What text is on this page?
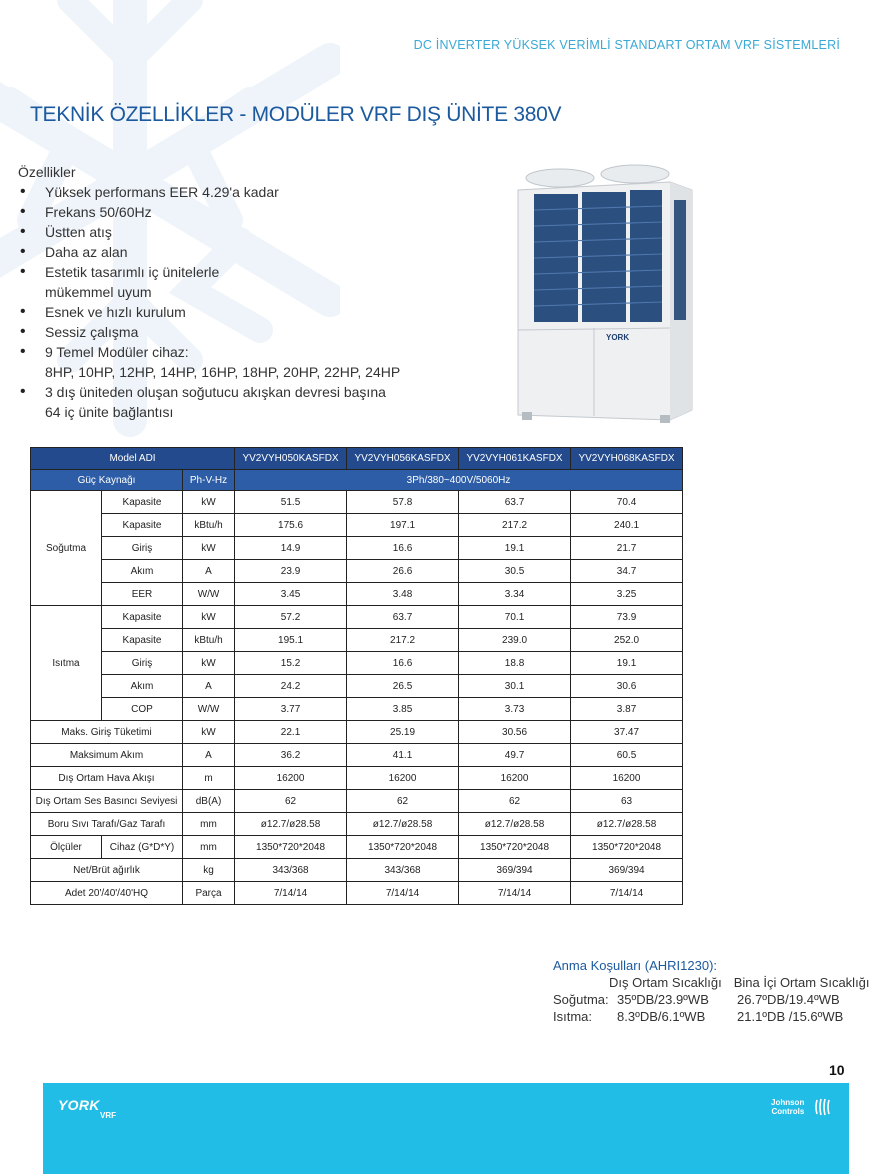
DC İNVERTER YÜKSEK VERİMLİ STANDART ORTAM VRF SİSTEMLERİ
TEKNİK ÖZELLİKLER - MODÜLER VRF DIŞ ÜNİTE 380V
Özellikler
• Yüksek performans EER 4.29'a kadar
• Frekans 50/60Hz
• Üstten atış
• Daha az alan
• Estetik tasarımlı iç ünitelerle
mükemmel uyum
• Esnek ve hızlı kurulum
• Sessiz çalışma
• 9 Temel Modüler cihaz:
8HP, 10HP, 12HP, 14HP, 16HP, 18HP, 20HP, 22HP, 24HP
• 3 dış üniteden oluşan soğutucu akışkan devresi başına
64 iç ünite bağlantısı
YORK
Model ADI			YV2VYH050KASFDX	YV2VYH056KASFDX	YV2VYH061KASFDX	YV2VYH068KASFDX
Güç Kaynağı		Ph-V-Hz	3Ph/380~400V/5060Hz			
Soğutma	Kapasite	kW	51.5	57.8	63.7	70.4
	Kapasite	kBtu/h	175.6	197.1	217.2	240.1
	Giriş	kW	14.9	16.6	19.1	21.7
	Akım	A	23.9	26.6	30.5	34.7
	EER	W/W	3.45	3.48	3.34	3.25
Isıtma	Kapasite	kW	57.2	63.7	70.1	73.9
	Kapasite	kBtu/h	195.1	217.2	239.0	252.0
	Giriş	kW	15.2	16.6	18.8	19.1
	Akım	A	24.2	26.5	30.1	30.6
	COP	W/W	3.77	3.85	3.73	3.87
Maks. Giriş Tüketimi		kW	22.1	25.19	30.56	37.47
Maksimum Akım		A	36.2	41.1	49.7	60.5
Dış Ortam Hava Akışı		m	16200	16200	16200	16200
Dış Ortam Ses Basıncı Seviyesi		dB(A)	62	62	62	63
Boru Sıvı Tarafı/Gaz Tarafı		mm	ø12.7/ø28.58	ø12.7/ø28.58	ø12.7/ø28.58	ø12.7/ø28.58
Ölçüler	Cihaz (G*D*Y)	mm	1350*720*2048	1350*720*2048	1350*720*2048	1350*720*2048
Net/Brüt ağırlık		kg	343/368	343/368	369/394	369/394
Adet 20'/40'/40'HQ		Parça	7/14/14	7/14/14	7/14/14	7/14/14
Anma Koşulları (AHRI1230):
Dış Ortam Sıcaklığı Bina İçi Ortam Sıcaklığı
Soğutma: 35ºDB/23.9ºWB 26.7ºDB/19.4ºWB
Isıtma: 8.3ºDB/6.1ºWB 21.1ºDB /15.6ºWB
10
YORK
VRF
Johnson
Controls
